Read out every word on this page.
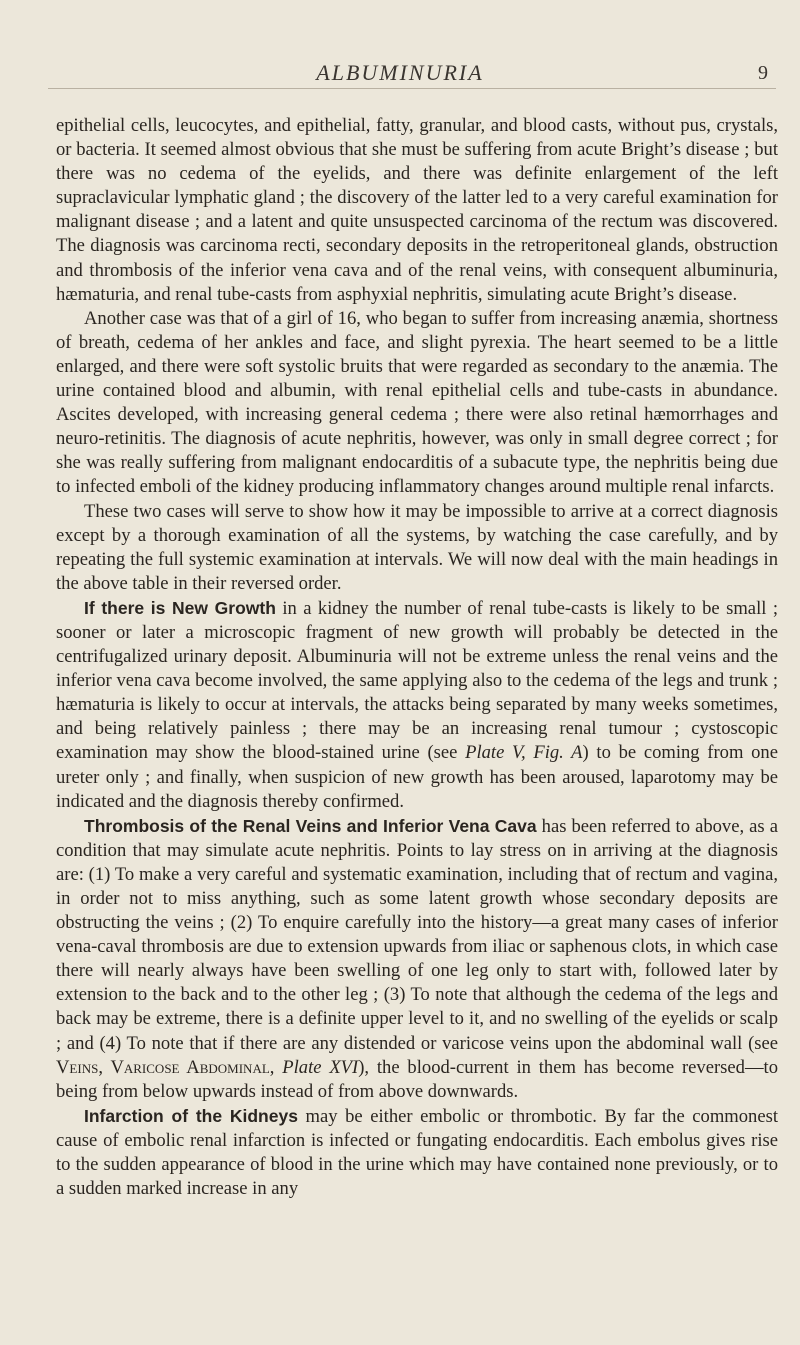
ALBUMINURIA	9

epithelial cells, leucocytes, and epithelial, fatty, granular, and blood casts, without pus, crystals, or bacteria. It seemed almost obvious that she must be suffering from acute Bright’s disease ; but there was no cedema of the eyelids, and there was definite enlargement of the left supraclavicular lymphatic gland ; the discovery of the latter led to a very careful examination for malignant disease ; and a latent and quite unsuspected carcinoma of the rectum was discovered. The diagnosis was carcinoma recti, secondary deposits in the retroperitoneal glands, obstruction and thrombosis of the inferior vena cava and of the renal veins, with consequent albuminuria, hæmaturia, and renal tube-casts from asphyxial nephritis, simulating acute Bright’s disease.

Another case was that of a girl of 16, who began to suffer from increasing anæmia, shortness of breath, cedema of her ankles and face, and slight pyrexia. The heart seemed to be a little enlarged, and there were soft systolic bruits that were regarded as secondary to the anæmia. The urine contained blood and albumin, with renal epithelial cells and tube-casts in abundance. Ascites developed, with increasing general cedema ; there were also retinal hæmorrhages and neuro-retinitis. The diagnosis of acute nephritis, however, was only in small degree correct ; for she was really suffering from malignant endocarditis of a subacute type, the nephritis being due to infected emboli of the kidney producing inflammatory changes around multiple renal infarcts.

These two cases will serve to show how it may be impossible to arrive at a correct diagnosis except by a thorough examination of all the systems, by watching the case carefully, and by repeating the full systemic examination at intervals. We will now deal with the main headings in the above table in their reversed order.

If there is New Growth in a kidney the number of renal tube-casts is likely to be small ; sooner or later a microscopic fragment of new growth will probably be detected in the centrifugalized urinary deposit. Albuminuria will not be extreme unless the renal veins and the inferior vena cava become involved, the same applying also to the cedema of the legs and trunk ; hæmaturia is likely to occur at intervals, the attacks being separated by many weeks sometimes, and being relatively painless ; there may be an increasing renal tumour ; cystoscopic examination may show the blood-stained urine (see Plate V, Fig. A) to be coming from one ureter only ; and finally, when suspicion of new growth has been aroused, laparotomy may be indicated and the diagnosis thereby confirmed.

Thrombosis of the Renal Veins and Inferior Vena Cava has been referred to above, as a condition that may simulate acute nephritis. Points to lay stress on in arriving at the diagnosis are: (1) To make a very careful and systematic examination, including that of rectum and vagina, in order not to miss anything, such as some latent growth whose secondary deposits are obstructing the veins ; (2) To enquire carefully into the history—a great many cases of inferior vena-caval thrombosis are due to extension upwards from iliac or saphenous clots, in which case there will nearly always have been swelling of one leg only to start with, followed later by extension to the back and to the other leg ; (3) To note that although the cedema of the legs and back may be extreme, there is a definite upper level to it, and no swelling of the eyelids or scalp ; and (4) To note that if there are any distended or varicose veins upon the abdominal wall (see Veins, Varicose Abdominal, Plate XVI), the blood-current in them has become reversed—to being from below upwards instead of from above downwards.

Infarction of the Kidneys may be either embolic or thrombotic. By far the commonest cause of embolic renal infarction is infected or fungating endocarditis. Each embolus gives rise to the sudden appearance of blood in the urine which may have contained none previously, or to a sudden marked increase in any
